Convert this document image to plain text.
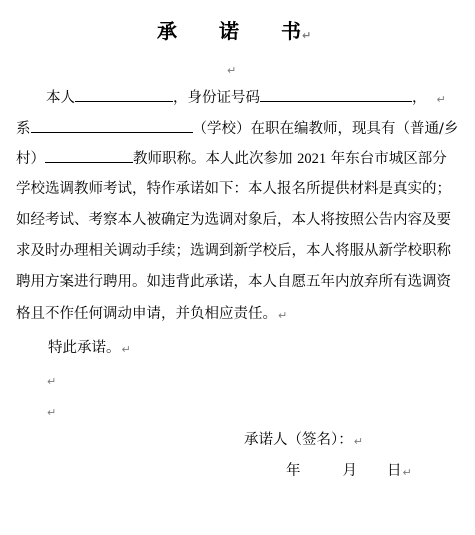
承 诺 书↵
↵
本人	，身份证号码	， ↵
系	（学校）在职在编教师，现具有（普通/乡
村）	教师职称。本人此次参加 2021 年东台市城区部分
学校选调教师考试，特作承诺如下：本人报名所提供材料是真实的；
如经考试、考察本人被确定为选调对象后，本人将按照公告内容及要
求及时办理相关调动手续；选调到新学校后，本人将服从新学校职称
聘用方案进行聘用。如违背此承诺，本人自愿五年内放弃所有选调资
格且不作任何调动申请，并负相应责任。↵
特此承诺。↵
↵
↵
承诺人（签名）：↵
年	月 日↵
